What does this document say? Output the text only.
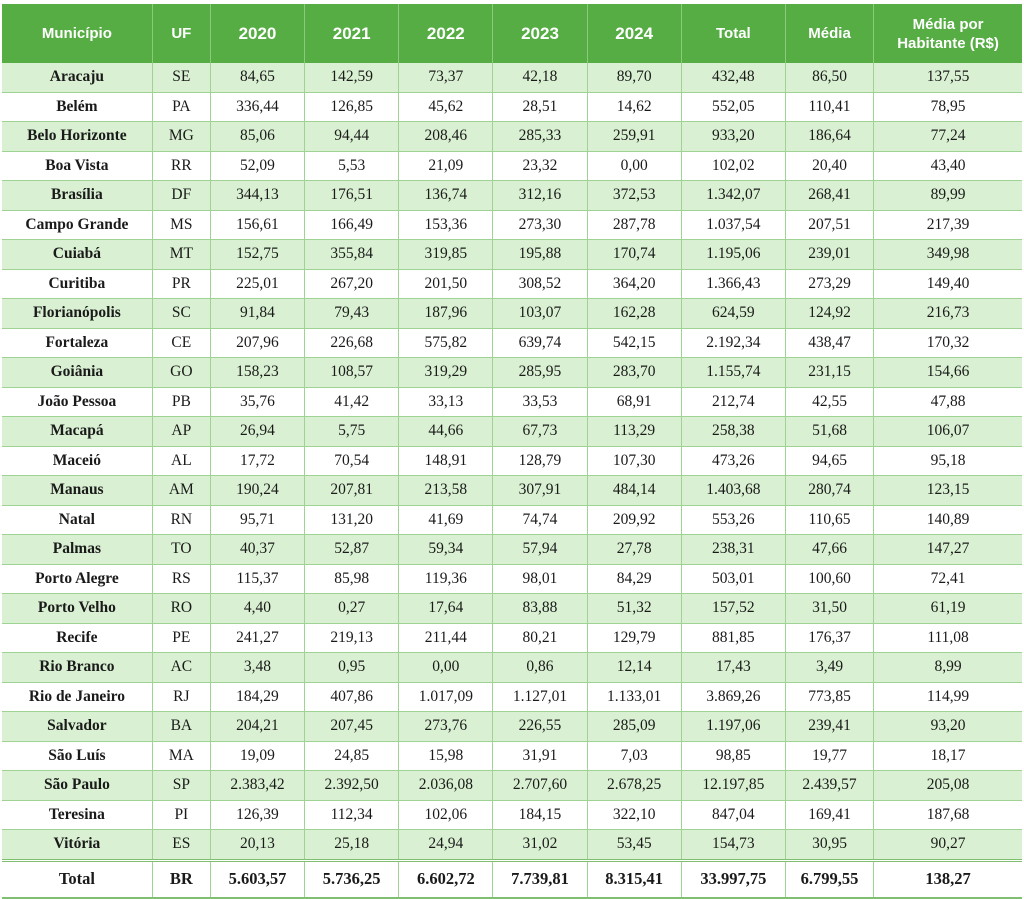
Município	UF	2020	2021	2022	2023	2024	Total	Média	Média por
Habitante (R$)
Aracaju	SE	84,65	142,59	73,37	42,18	89,70	432,48	86,50	137,55
Belém	PA	336,44	126,85	45,62	28,51	14,62	552,05	110,41	78,95
Belo Horizonte	MG	85,06	94,44	208,46	285,33	259,91	933,20	186,64	77,24
Boa Vista	RR	52,09	5,53	21,09	23,32	0,00	102,02	20,40	43,40
Brasília	DF	344,13	176,51	136,74	312,16	372,53	1.342,07	268,41	89,99
Campo Grande	MS	156,61	166,49	153,36	273,30	287,78	1.037,54	207,51	217,39
Cuiabá	MT	152,75	355,84	319,85	195,88	170,74	1.195,06	239,01	349,98
Curitiba	PR	225,01	267,20	201,50	308,52	364,20	1.366,43	273,29	149,40
Florianópolis	SC	91,84	79,43	187,96	103,07	162,28	624,59	124,92	216,73
Fortaleza	CE	207,96	226,68	575,82	639,74	542,15	2.192,34	438,47	170,32
Goiânia	GO	158,23	108,57	319,29	285,95	283,70	1.155,74	231,15	154,66
João Pessoa	PB	35,76	41,42	33,13	33,53	68,91	212,74	42,55	47,88
Macapá	AP	26,94	5,75	44,66	67,73	113,29	258,38	51,68	106,07
Maceió	AL	17,72	70,54	148,91	128,79	107,30	473,26	94,65	95,18
Manaus	AM	190,24	207,81	213,58	307,91	484,14	1.403,68	280,74	123,15
Natal	RN	95,71	131,20	41,69	74,74	209,92	553,26	110,65	140,89
Palmas	TO	40,37	52,87	59,34	57,94	27,78	238,31	47,66	147,27
Porto Alegre	RS	115,37	85,98	119,36	98,01	84,29	503,01	100,60	72,41
Porto Velho	RO	4,40	0,27	17,64	83,88	51,32	157,52	31,50	61,19
Recife	PE	241,27	219,13	211,44	80,21	129,79	881,85	176,37	111,08
Rio Branco	AC	3,48	0,95	0,00	0,86	12,14	17,43	3,49	8,99
Rio de Janeiro	RJ	184,29	407,86	1.017,09	1.127,01	1.133,01	3.869,26	773,85	114,99
Salvador	BA	204,21	207,45	273,76	226,55	285,09	1.197,06	239,41	93,20
São Luís	MA	19,09	24,85	15,98	31,91	7,03	98,85	19,77	18,17
São Paulo	SP	2.383,42	2.392,50	2.036,08	2.707,60	2.678,25	12.197,85	2.439,57	205,08
Teresina	PI	126,39	112,34	102,06	184,15	322,10	847,04	169,41	187,68
Vitória	ES	20,13	25,18	24,94	31,02	53,45	154,73	30,95	90,27
Total	BR	5.603,57	5.736,25	6.602,72	7.739,81	8.315,41	33.997,75	6.799,55	138,27
